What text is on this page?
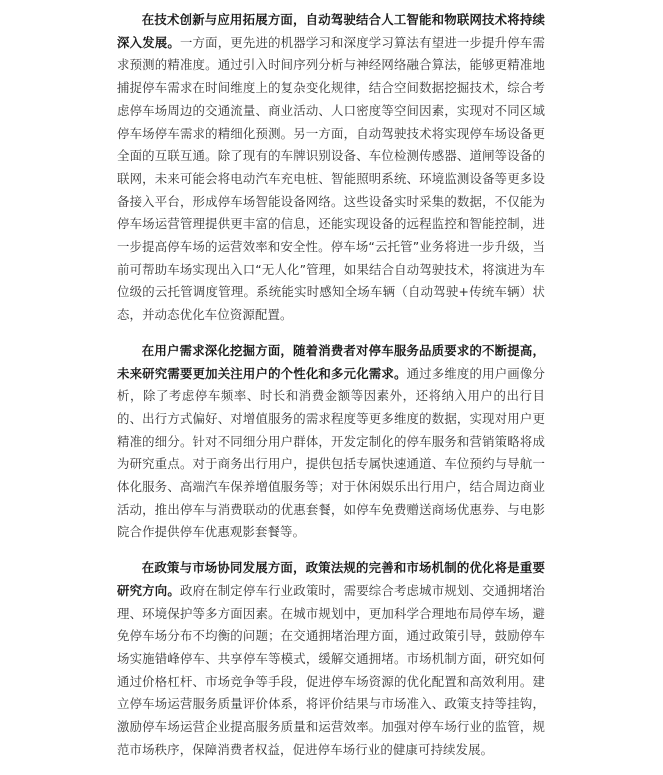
在技术创新与应用拓展方面，自动驾驶结合人工智能和物联网技术将持续深入发展。一方面，更先进的机器学习和深度学习算法有望进一步提升停车需求预测的精准度。通过引入时间序列分析与神经网络融合算法，能够更精准地捕捉停车需求在时间维度上的复杂变化规律，结合空间数据挖掘技术，综合考虑停车场周边的交通流量、商业活动、人口密度等空间因素，实现对不同区域停车场停车需求的精细化预测。另一方面，自动驾驶技术将实现停车场设备更全面的互联互通。除了现有的车牌识别设备、车位检测传感器、道闸等设备的联网，未来可能会将电动汽车充电桩、智能照明系统、环境监测设备等更多设备接入平台，形成停车场智能设备网络。这些设备实时采集的数据，不仅能为停车场运营管理提供更丰富的信息，还能实现设备的远程监控和智能控制，进一步提高停车场的运营效率和安全性。停车场“云托管”业务将进一步升级，当前可帮助车场实现出入口“无人化”管理，如果结合自动驾驶技术，将演进为车位级的云托管调度管理。系统能实时感知全场车辆（自动驾驶+传统车辆）状态，并动态优化车位资源配置。

在用户需求深化挖掘方面，随着消费者对停车服务品质要求的不断提高，未来研究需要更加关注用户的个性化和多元化需求。通过多维度的用户画像分析，除了考虑停车频率、时长和消费金额等因素外，还将纳入用户的出行目的、出行方式偏好、对增值服务的需求程度等更多维度的数据，实现对用户更精准的细分。针对不同细分用户群体，开发定制化的停车服务和营销策略将成为研究重点。对于商务出行用户，提供包括专属快速通道、车位预约与导航一体化服务、高端汽车保养增值服务等；对于休闲娱乐出行用户，结合周边商业活动，推出停车与消费联动的优惠套餐，如停车免费赠送商场优惠券、与电影院合作提供停车优惠观影套餐等。

在政策与市场协同发展方面，政策法规的完善和市场机制的优化将是重要研究方向。政府在制定停车行业政策时，需要综合考虑城市规划、交通拥堵治理、环境保护等多方面因素。在城市规划中，更加科学合理地布局停车场，避免停车场分布不均衡的问题；在交通拥堵治理方面，通过政策引导，鼓励停车场实施错峰停车、共享停车等模式，缓解交通拥堵。市场机制方面，研究如何通过价格杠杆、市场竞争等手段，促进停车场资源的优化配置和高效利用。建立停车场运营服务质量评价体系，将评价结果与市场准入、政策支持等挂钩，激励停车场运营企业提高服务质量和运营效率。加强对停车场行业的监管，规范市场秩序，保障消费者权益，促进停车场行业的健康可持续发展。
